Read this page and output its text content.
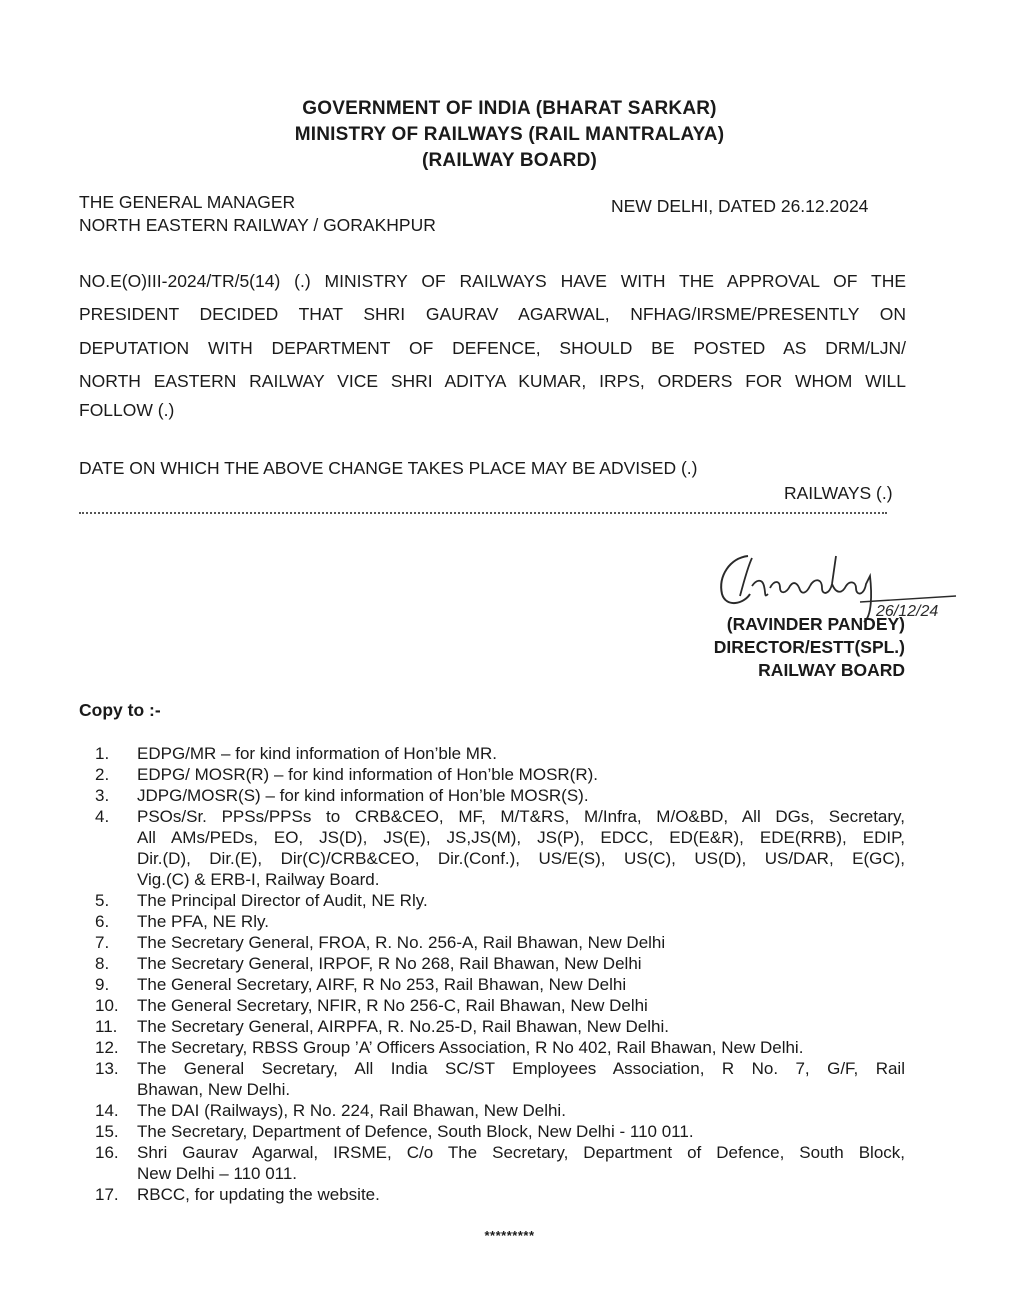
GOVERNMENT OF INDIA (BHARAT SARKAR)
MINISTRY OF RAILWAYS (RAIL MANTRALAYA)
(RAILWAY BOARD)
THE GENERAL MANAGER
NORTH EASTERN RAILWAY / GORAKHPUR
NEW DELHI, DATED 26.12.2024
NO.E(O)III-2024/TR/5(14) (.) MINISTRY OF RAILWAYS HAVE WITH THE APPROVAL OF THE
PRESIDENT DECIDED THAT SHRI GAURAV AGARWAL, NFHAG/IRSME/PRESENTLY ON
DEPUTATION WITH DEPARTMENT OF DEFENCE, SHOULD BE POSTED AS DRM/LJN/
NORTH EASTERN RAILWAY VICE SHRI ADITYA KUMAR, IRPS, ORDERS FOR WHOM WILL
FOLLOW (.)
DATE ON WHICH THE ABOVE CHANGE TAKES PLACE MAY BE ADVISED (.)
RAILWAYS (.)
26/12/24
(RAVINDER PANDEY)
DIRECTOR/ESTT(SPL.)
RAILWAY BOARD
Copy to :-
1.	EDPG/MR – for kind information of Hon’ble MR.
2.	EDPG/ MOSR(R) – for kind information of Hon’ble MOSR(R).
3.	JDPG/MOSR(S) – for kind information of Hon’ble MOSR(S).
4.	PSOs/Sr. PPSs/PPSs to CRB&CEO, MF, M/T&RS, M/Infra, M/O&BD, All DGs, Secretary,
All AMs/PEDs, EO, JS(D), JS(E), JS,JS(M), JS(P), EDCC, ED(E&R), EDE(RRB), EDIP,
Dir.(D), Dir.(E), Dir(C)/CRB&CEO, Dir.(Conf.), US/E(S), US(C), US(D), US/DAR, E(GC),
Vig.(C) & ERB-I, Railway Board.
5.	The Principal Director of Audit, NE Rly.
6.	The PFA, NE Rly.
7.	The Secretary General, FROA, R. No. 256-A, Rail Bhawan, New Delhi
8.	The Secretary General, IRPOF, R No 268, Rail Bhawan, New Delhi
9.	The General Secretary, AIRF, R No 253, Rail Bhawan, New Delhi
10.	The General Secretary, NFIR, R No 256-C, Rail Bhawan, New Delhi
11.	The Secretary General, AIRPFA, R. No.25-D, Rail Bhawan, New Delhi.
12.	The Secretary, RBSS Group ’A’ Officers Association, R No 402, Rail Bhawan, New Delhi.
13.	The General Secretary, All India SC/ST Employees Association, R No. 7, G/F, Rail
Bhawan, New Delhi.
14.	The DAI (Railways), R No. 224, Rail Bhawan, New Delhi.
15.	The Secretary, Department of Defence, South Block, New Delhi - 110 011.
16.	Shri Gaurav Agarwal, IRSME, C/o The Secretary, Department of Defence, South Block,
New Delhi – 110 011.
17.	RBCC, for updating the website.
*********
